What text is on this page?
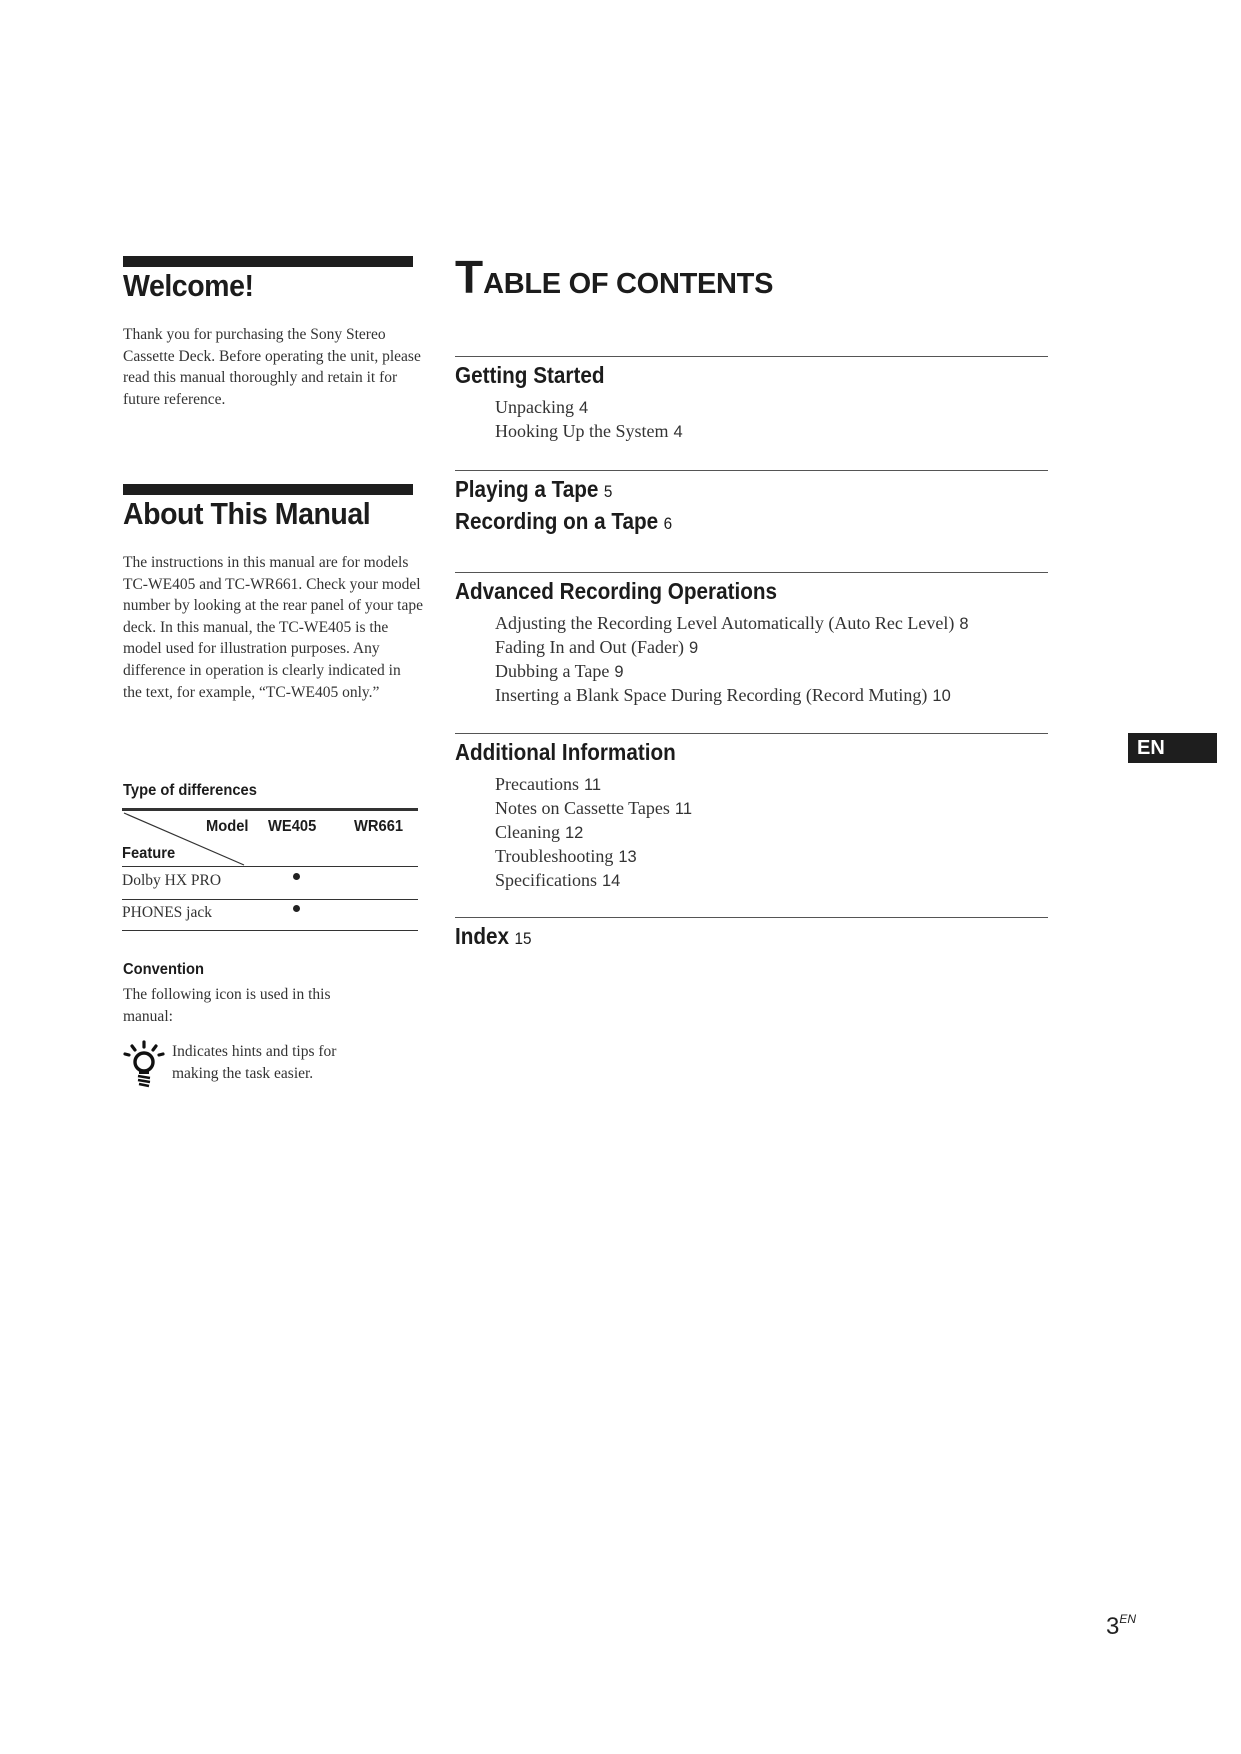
Welcome!
Thank you for purchasing the Sony Stereo Cassette Deck. Before operating the unit, please read this manual thoroughly and retain it for future reference.
About This Manual
The instructions in this manual are for models TC-WE405 and TC-WR661. Check your model number by looking at the rear panel of your tape deck. In this manual, the TC-WE405 is the model used for illustration purposes. Any difference in operation is clearly indicated in the text, for example, “TC-WE405 only.”
Type of differences
Model WE405 WR661
Feature
Dolby HX PRO
PHONES jack
Convention
The following icon is used in this manual:
Indicates hints and tips for making the task easier.
TABLE OF CONTENTS
Getting Started
Unpacking 4
Hooking Up the System 4
Playing a Tape 5
Recording on a Tape 6
Advanced Recording Operations
Adjusting the Recording Level Automatically (Auto Rec Level) 8
Fading In and Out (Fader) 9
Dubbing a Tape 9
Inserting a Blank Space During Recording (Record Muting) 10
Additional Information
Precautions 11
Notes on Cassette Tapes 11
Cleaning 12
Troubleshooting 13
Specifications 14
Index 15
EN
$3^{EN}$
